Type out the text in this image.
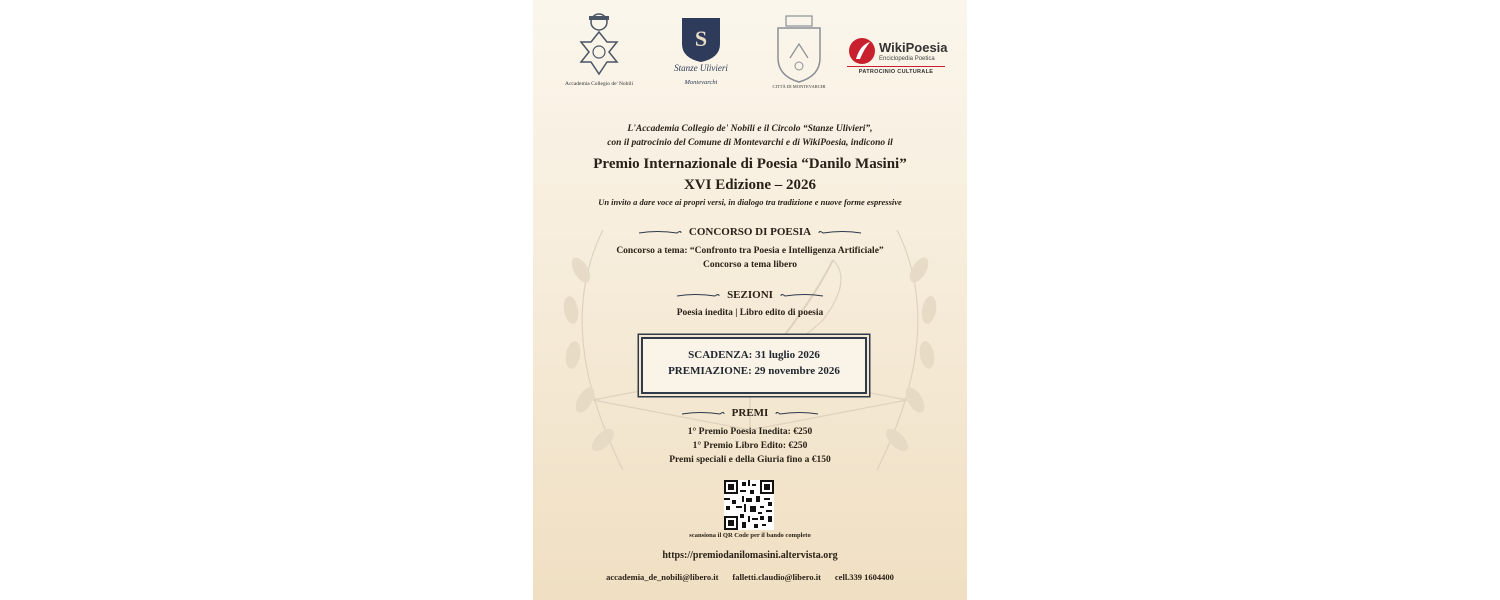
Accademia Collegio de' Nobili
S
Stanze Ulivieri
Montevarchi
CITTÀ DI MONTEVARCHI
WikiPoesia
Enciclopedia Poetica
PATROCINIO CULTURALE
L'Accademia Collegio de' Nobili e il Circolo “Stanze Ulivieri”,
con il patrocinio del Comune di Montevarchi e di WikiPoesia, indicono il
Premio Internazionale di Poesia “Danilo Masini”
XVI Edizione – 2026
Un invito a dare voce ai propri versi, in dialogo tra tradizione e nuove forme espressive
CONCORSO DI POESIA
Concorso a tema: “Confronto tra Poesia e Intelligenza Artificiale”
Concorso a tema libero
SEZIONI
Poesia inedita | Libro edito di poesia
SCADENZA: 31 luglio 2026
PREMIAZIONE: 29 novembre 2026
PREMI
1° Premio Poesia Inedita: €250
1° Premio Libro Edito: €250
Premi speciali e della Giuria fino a €150
scansiona il QR Code per il bando completo
https://premiodanilomasini.altervista.org
accademia_de_nobili@libero.it falletti.claudio@libero.it cell.339 1604400
